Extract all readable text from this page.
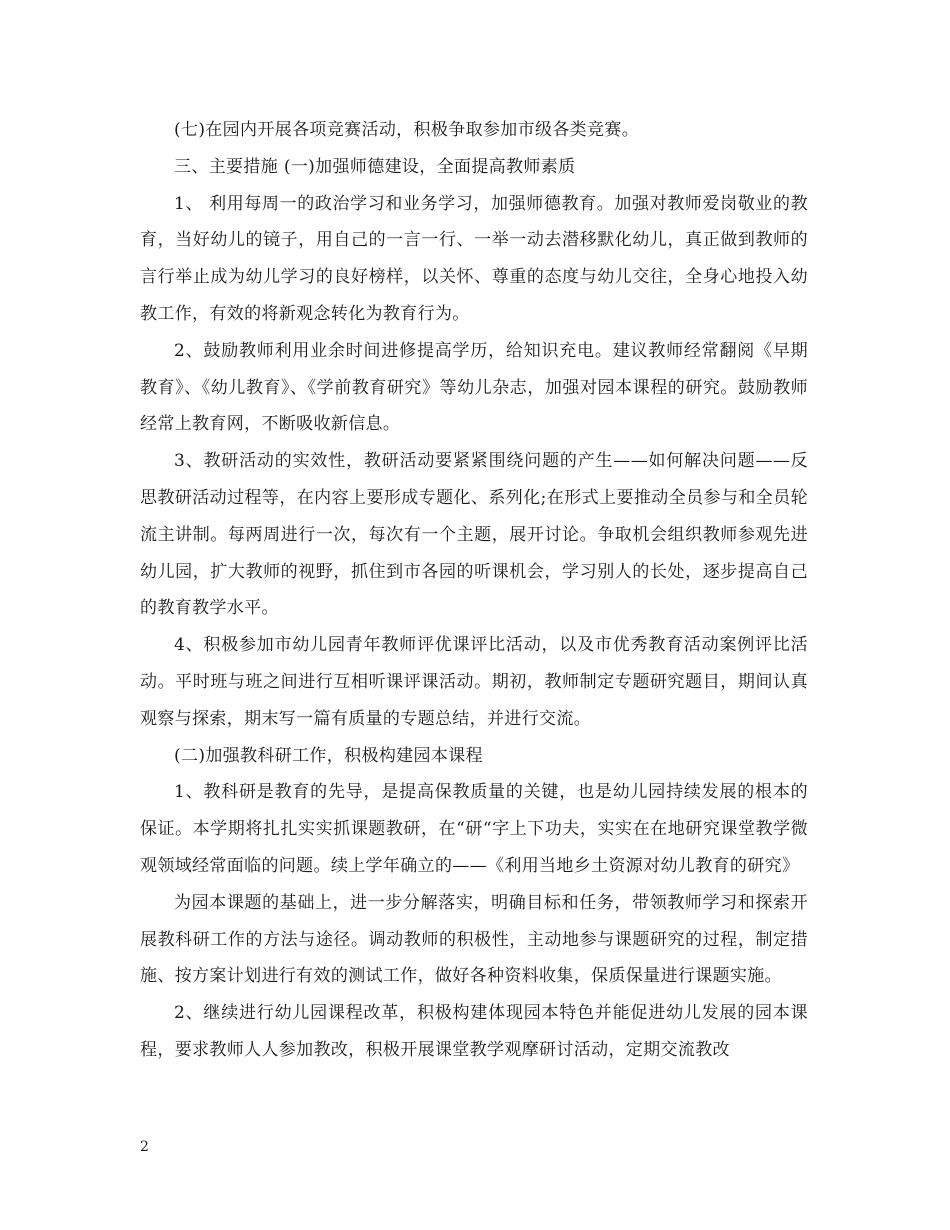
(七)在园内开展各项竞赛活动，积极争取参加市级各类竞赛。

三、主要措施 (一)加强师德建设，全面提高教师素质

1、 利用每周一的政治学习和业务学习，加强师德教育。加强对教师爱岗敬业的教育，当好幼儿的镜子，用自己的一言一行、一举一动去潜移默化幼儿，真正做到教师的言行举止成为幼儿学习的良好榜样，以关怀、尊重的态度与幼儿交往，全身心地投入幼教工作，有效的将新观念转化为教育行为。

2、鼓励教师利用业余时间进修提高学历，给知识充电。建议教师经常翻阅《早期教育》、《幼儿教育》、《学前教育研究》等幼儿杂志，加强对园本课程的研究。鼓励教师经常上教育网，不断吸收新信息。

3、教研活动的实效性，教研活动要紧紧围绕问题的产生——如何解决问题——反思教研活动过程等，在内容上要形成专题化、系列化;在形式上要推动全员参与和全员轮流主讲制。每两周进行一次，每次有一个主题，展开讨论。争取机会组织教师参观先进幼儿园，扩大教师的视野，抓住到市各园的听课机会，学习别人的长处，逐步提高自己的教育教学水平。

4、积极参加市幼儿园青年教师评优课评比活动，以及市优秀教育活动案例评比活动。平时班与班之间进行互相听课评课活动。期初，教师制定专题研究题目，期间认真观察与探索，期末写一篇有质量的专题总结，并进行交流。

(二)加强教科研工作，积极构建园本课程

1、教科研是教育的先导，是提高保教质量的关键，也是幼儿园持续发展的根本的保证。本学期将扎扎实实抓课题教研，在“研“字上下功夫，实实在在地研究课堂教学微观领域经常面临的问题。续上学年确立的——《利用当地乡土资源对幼儿教育的研究》

为园本课题的基础上，进一步分解落实，明确目标和任务，带领教师学习和探索开展教科研工作的方法与途径。调动教师的积极性，主动地参与课题研究的过程，制定措施、按方案计划进行有效的测试工作，做好各种资料收集，保质保量进行课题实施。

2、继续进行幼儿园课程改革，积极构建体现园本特色并能促进幼儿发展的园本课程，要求教师人人参加教改，积极开展课堂教学观摩研讨活动，定期交流教改

2
